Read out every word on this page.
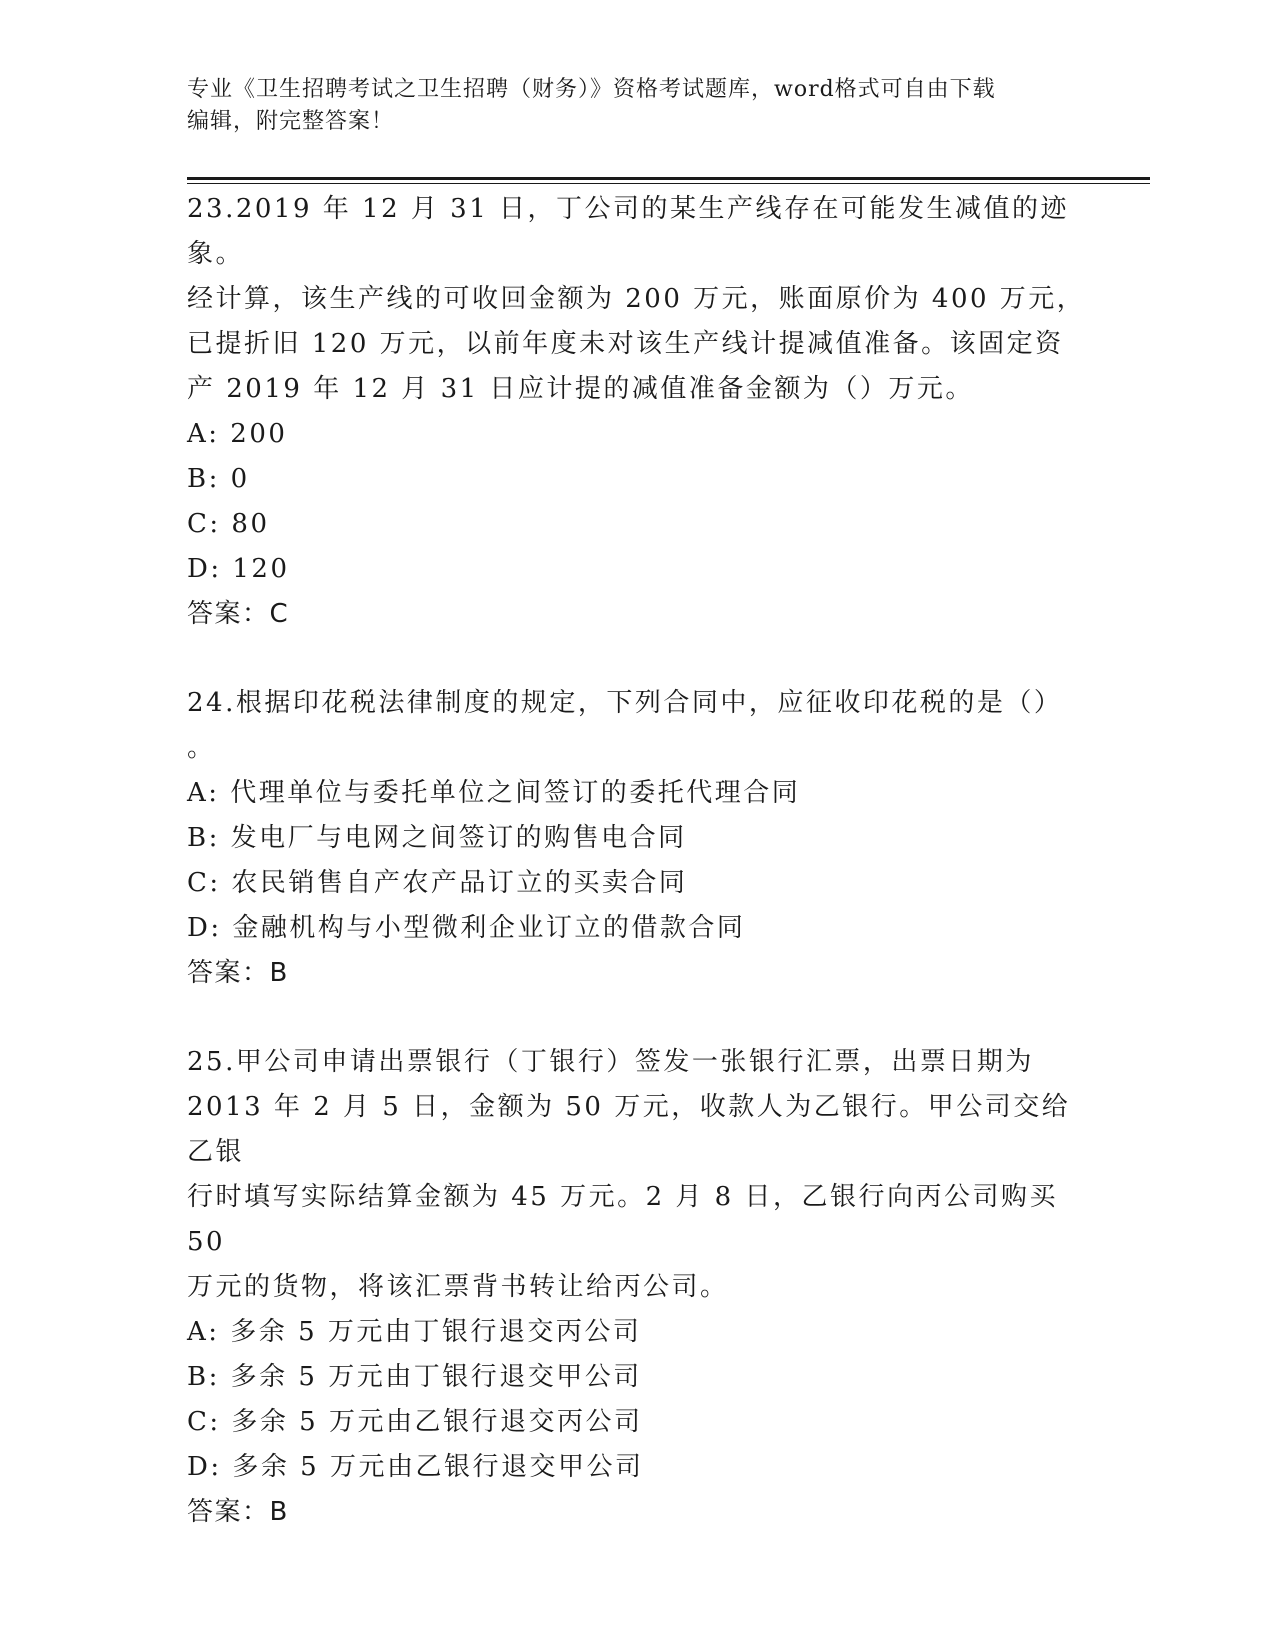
专业《卫生招聘考试之卫生招聘（财务）》资格考试题库，word格式可自由下载
编辑，附完整答案！

23.2019 年 12 月 31 日，丁公司的某生产线存在可能发生减值的迹象。

经计算，该生产线的可收回金额为 200 万元，账面原价为 400 万元，

已提折旧 120 万元，以前年度未对该生产线计提减值准备。该固定资

产 2019 年 12 月 31 日应计提的减值准备金额为（）万元。

A: 200

B: 0

C: 80

D: 120

答案：C

24.根据印花税法律制度的规定，下列合同中，应征收印花税的是（）

。

A: 代理单位与委托单位之间签订的委托代理合同

B: 发电厂与电网之间签订的购售电合同

C: 农民销售自产农产品订立的买卖合同

D: 金融机构与小型微利企业订立的借款合同

答案：B

25.甲公司申请出票银行（丁银行）签发一张银行汇票，出票日期为

2013 年 2 月 5 日，金额为 50 万元，收款人为乙银行。甲公司交给乙银

行时填写实际结算金额为 45 万元。2 月 8 日，乙银行向丙公司购买 50

万元的货物，将该汇票背书转让给丙公司。

A: 多余 5 万元由丁银行退交丙公司

B: 多余 5 万元由丁银行退交甲公司

C: 多余 5 万元由乙银行退交丙公司

D: 多余 5 万元由乙银行退交甲公司

答案：B
